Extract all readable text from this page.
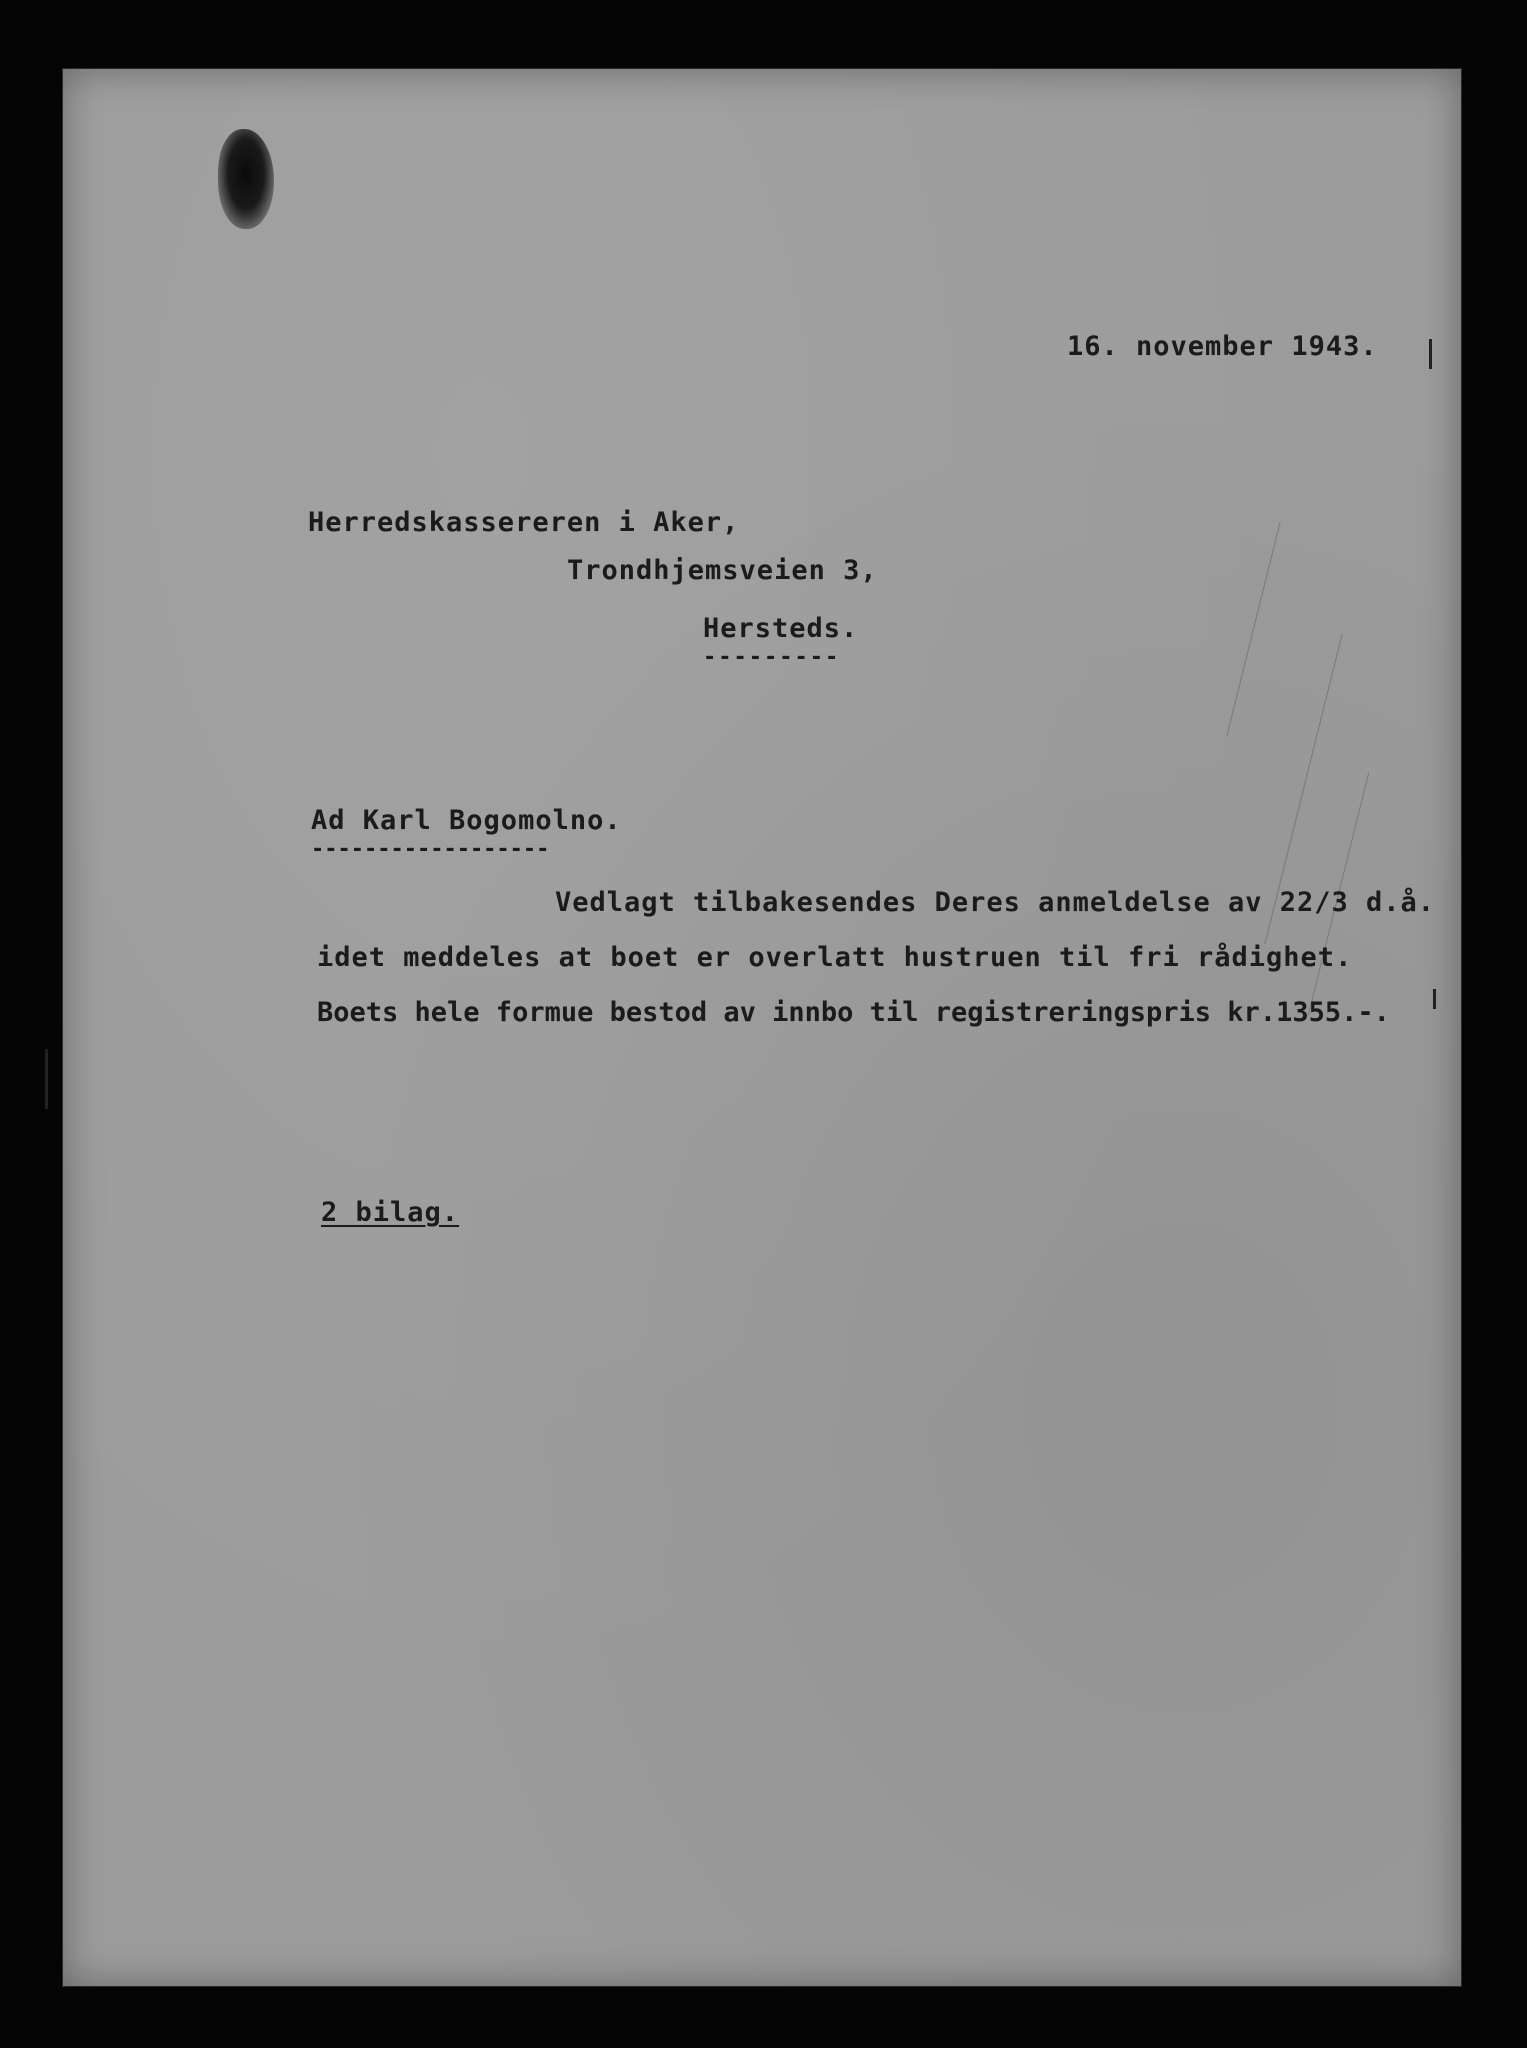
16. november 1943.
Herredskassereren i Aker,
Trondhjemsveien 3,
Hersteds.
---------
Ad Karl Bogomolno.
------------------
Vedlagt tilbakesendes Deres anmeldelse av 22/3 d.å.
idet meddeles at boet er overlatt hustruen til fri rådighet.
Boets hele formue bestod av innbo til registreringspris kr.1355.-.
2 bilag.
